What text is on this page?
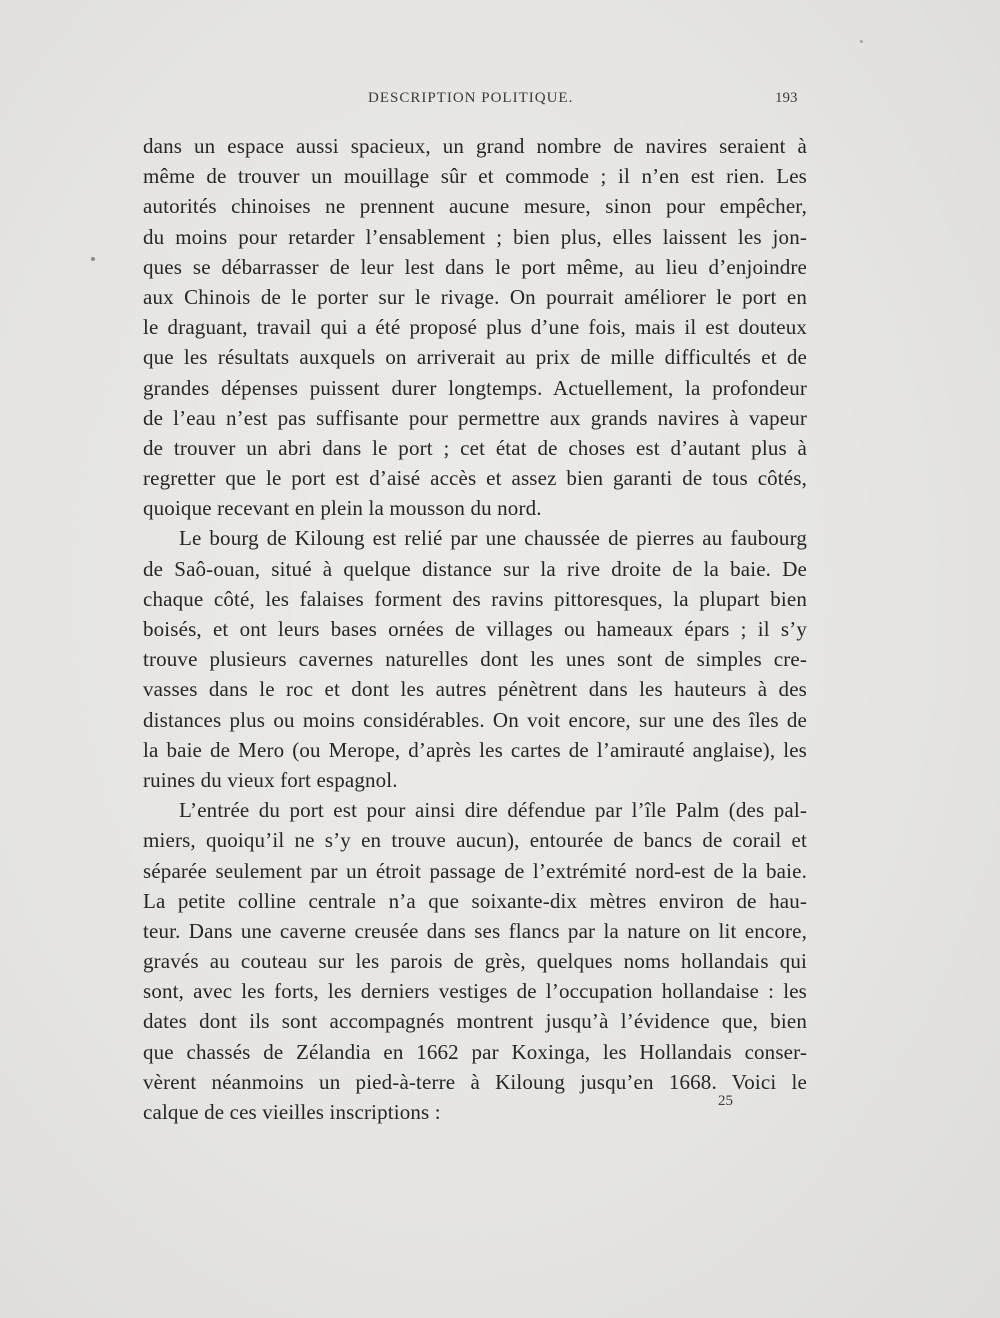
DESCRIPTION POLITIQUE.	193
dans un espace aussi spacieux, un grand nombre de navires seraient à
même de trouver un mouillage sûr et commode ; il n’en est rien. Les
autorités chinoises ne prennent aucune mesure, sinon pour empêcher,
du moins pour retarder l’ensablement ; bien plus, elles laissent les jon-
ques se débarrasser de leur lest dans le port même, au lieu d’enjoindre
aux Chinois de le porter sur le rivage. On pourrait améliorer le port en
le draguant, travail qui a été proposé plus d’une fois, mais il est douteux
que les résultats auxquels on arriverait au prix de mille difficultés et de
grandes dépenses puissent durer longtemps. Actuellement, la profondeur
de l’eau n’est pas suffisante pour permettre aux grands navires à vapeur
de trouver un abri dans le port ; cet état de choses est d’autant plus à
regretter que le port est d’aisé accès et assez bien garanti de tous côtés,
quoique recevant en plein la mousson du nord.
Le bourg de Kiloung est relié par une chaussée de pierres au faubourg
de Saô-ouan, situé à quelque distance sur la rive droite de la baie. De
chaque côté, les falaises forment des ravins pittoresques, la plupart bien
boisés, et ont leurs bases ornées de villages ou hameaux épars ; il s’y
trouve plusieurs cavernes naturelles dont les unes sont de simples cre-
vasses dans le roc et dont les autres pénètrent dans les hauteurs à des
distances plus ou moins considérables. On voit encore, sur une des îles de
la baie de Mero (ou Merope, d’après les cartes de l’amirauté anglaise), les
ruines du vieux fort espagnol.
L’entrée du port est pour ainsi dire défendue par l’île Palm (des pal-
miers, quoiqu’il ne s’y en trouve aucun), entourée de bancs de corail et
séparée seulement par un étroit passage de l’extrémité nord-est de la baie.
La petite colline centrale n’a que soixante-dix mètres environ de hau-
teur. Dans une caverne creusée dans ses flancs par la nature on lit encore,
gravés au couteau sur les parois de grès, quelques noms hollandais qui
sont, avec les forts, les derniers vestiges de l’occupation hollandaise : les
dates dont ils sont accompagnés montrent jusqu’à l’évidence que, bien
que chassés de Zélandia en 1662 par Koxinga, les Hollandais conser-
vèrent néanmoins un pied-à-terre à Kiloung jusqu’en 1668. Voici le
calque de ces vieilles inscriptions :	25
